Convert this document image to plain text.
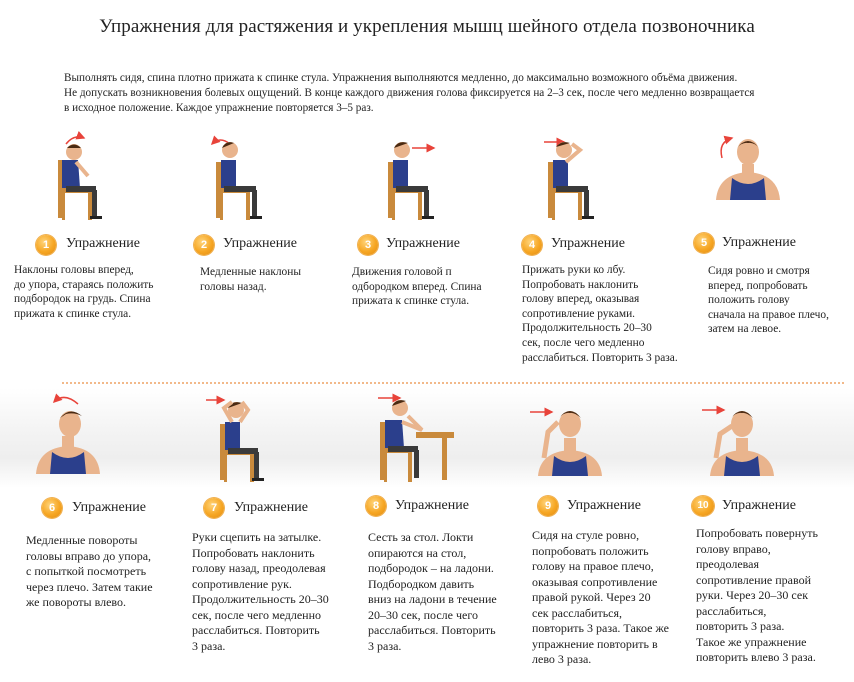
Упражнения для растяжения и укрепления мышц шейного отдела позвоночника

Выполнять сидя, спина плотно прижата к спинке стула. Упражнения выполняются медленно, до максимально возможного объёма движения.

Не допускать возникновения болевых ощущений. В конце каждого движения голова фиксируется на 2–3 сек, после чего медленно возвращается

в исходное положение. Каждое упражнение повторяется 3–5 раз.

1	Упражнение
Наклоны головы вперед,
до упора, стараясь положить
подбородок на грудь. Спина
прижата к спинке стула.
2	Упражнение
Медленные наклоны
головы назад.
3	Упражнение
Движения головой п
одбородком вперед. Спина
прижата к спинке стула.
4	Упражнение
Прижать руки ко лбу.
Попробовать наклонить
голову вперед, оказывая
сопротивление руками.
Продолжительность 20–30
сек, после чего медленно
расслабиться. Повторить 3 раза.
5	Упражнение
Сидя ровно и смотря
вперед, попробовать
положить голову
сначала на правое плечо,
затем на левое.
6	Упражнение
Медленные повороты
головы вправо до упора,
с попыткой посмотреть
через плечо. Затем такие
же повороты влево.
7	Упражнение
Руки сцепить на затылке.
Попробовать наклонить
голову назад, преодолевая
сопротивление рук.
Продолжительность 20–30
сек, после чего медленно
расслабиться. Повторить
3 раза.
8	Упражнение
Сесть за стол. Локти
опираются на стол,
подбородок – на ладони.
Подбородком давить
вниз на ладони в течение
20–30 сек, после чего
расслабиться. Повторить
3 раза.
9	Упражнение
Сидя на стуле ровно,
попробовать положить
голову на правое плечо,
оказывая сопротивление
правой рукой. Через 20
сек расслабиться,
повторить 3 раза. Такое же
упражнение повторить в
лево 3 раза.
10 Упражнение
Попробовать повернуть
голову вправо,
преодолевая
сопротивление правой
руки. Через 20–30 сек
расслабиться,
повторить 3 раза.
Такое же упражнение
повторить влево 3 раза.
